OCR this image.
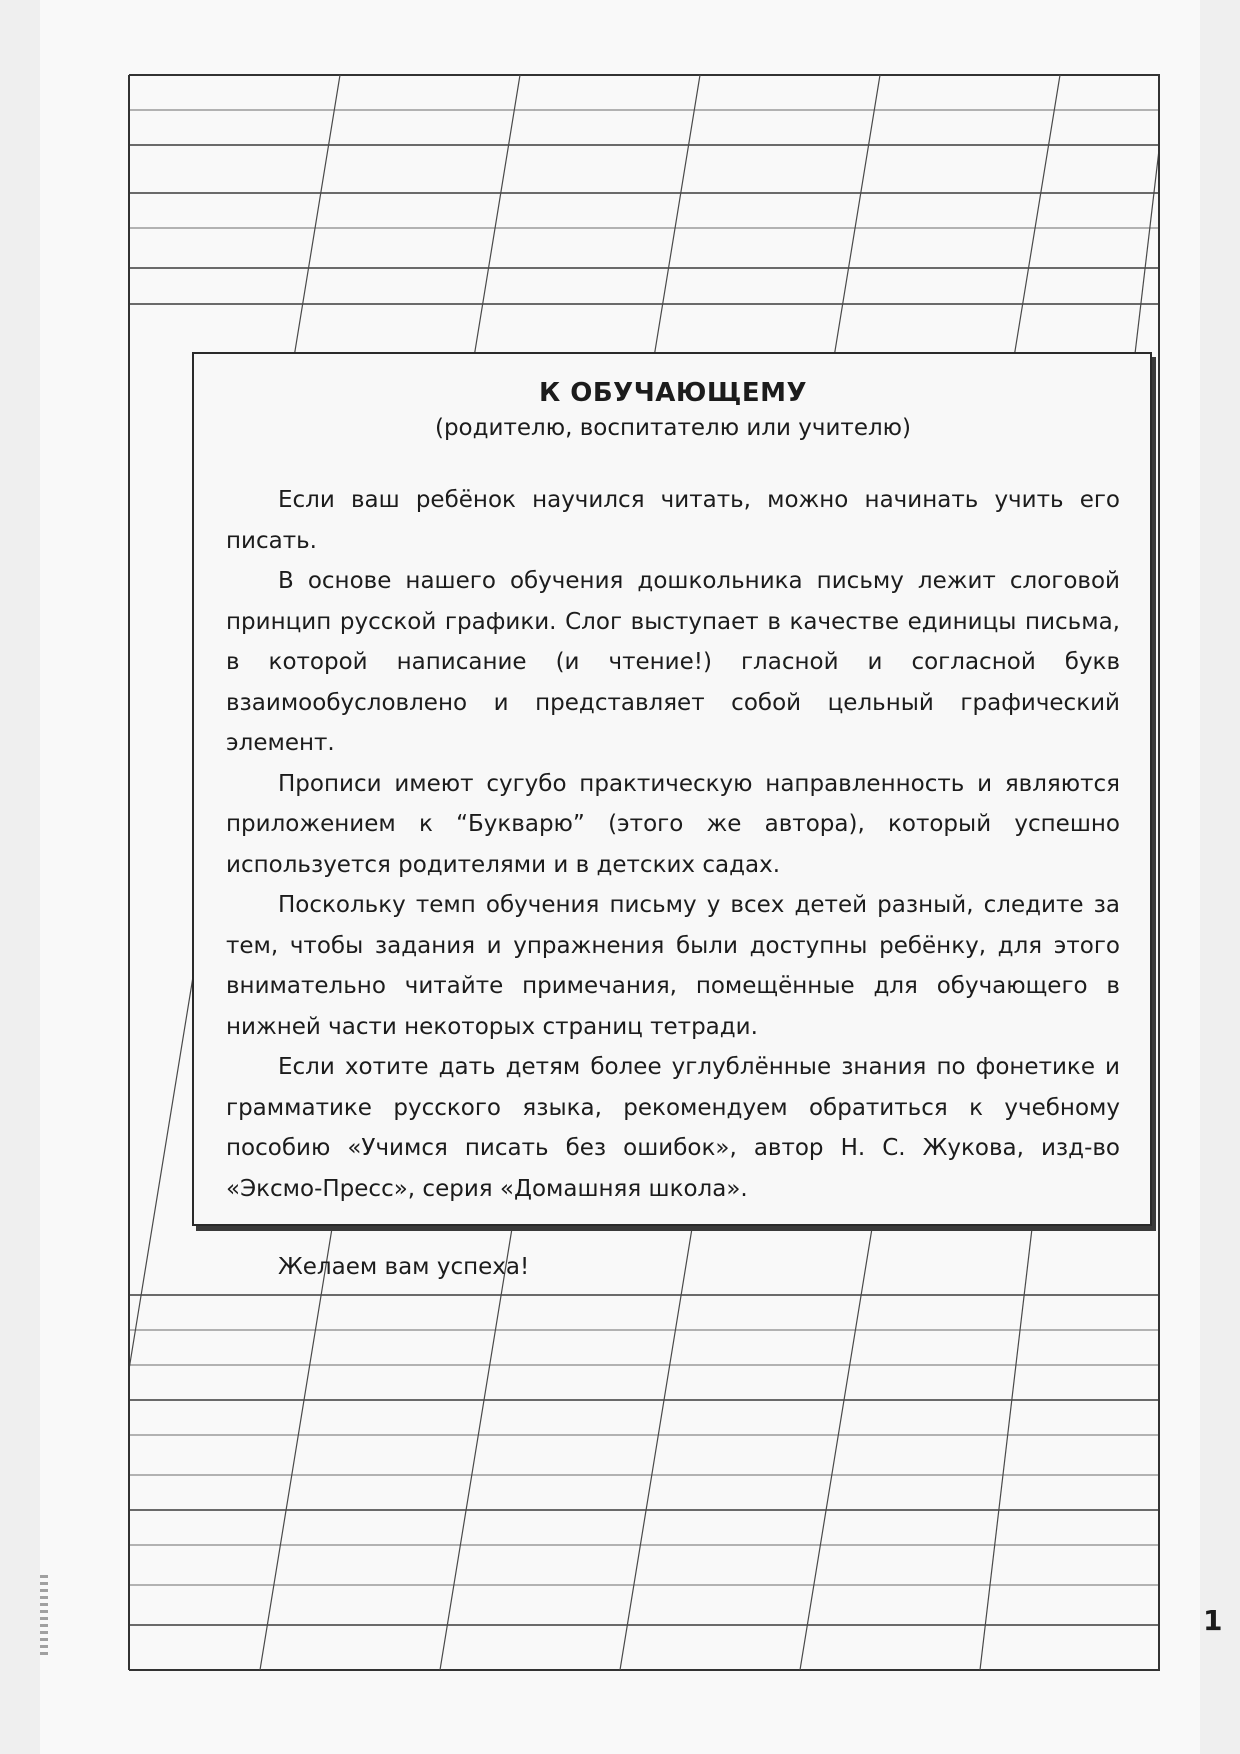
К ОБУЧАЮЩЕМУ
(родителю, воспитателю или учителю)

Если ваш ребёнок научился читать, можно начинать учить его писать.

В основе нашего обучения дошкольника письму лежит слоговой принцип русской графики. Слог выступает в качестве единицы письма, в которой написание (и чтение!) гласной и согласной букв взаимообусловлено и представляет собой цельный графический элемент.

Прописи имеют сугубо практическую направленность и являются приложением к “Букварю” (этого же автора), который успешно используется родителями и в детских садах.

Поскольку темп обучения письму у всех детей разный, следите за тем, чтобы задания и упражнения были доступны ребёнку, для этого внимательно читайте примечания, помещённые для обучающего в нижней части некоторых страниц тетради.

Если хотите дать детям более углублённые знания по фонетике и грамматике русского языка, рекомендуем обратиться к учебному пособию «Учимся писать без ошибок», автор Н. С. Жукова, изд-во «Эксмо-Пресс», серия «Домашняя школа».

Желаем вам успеха!

1
